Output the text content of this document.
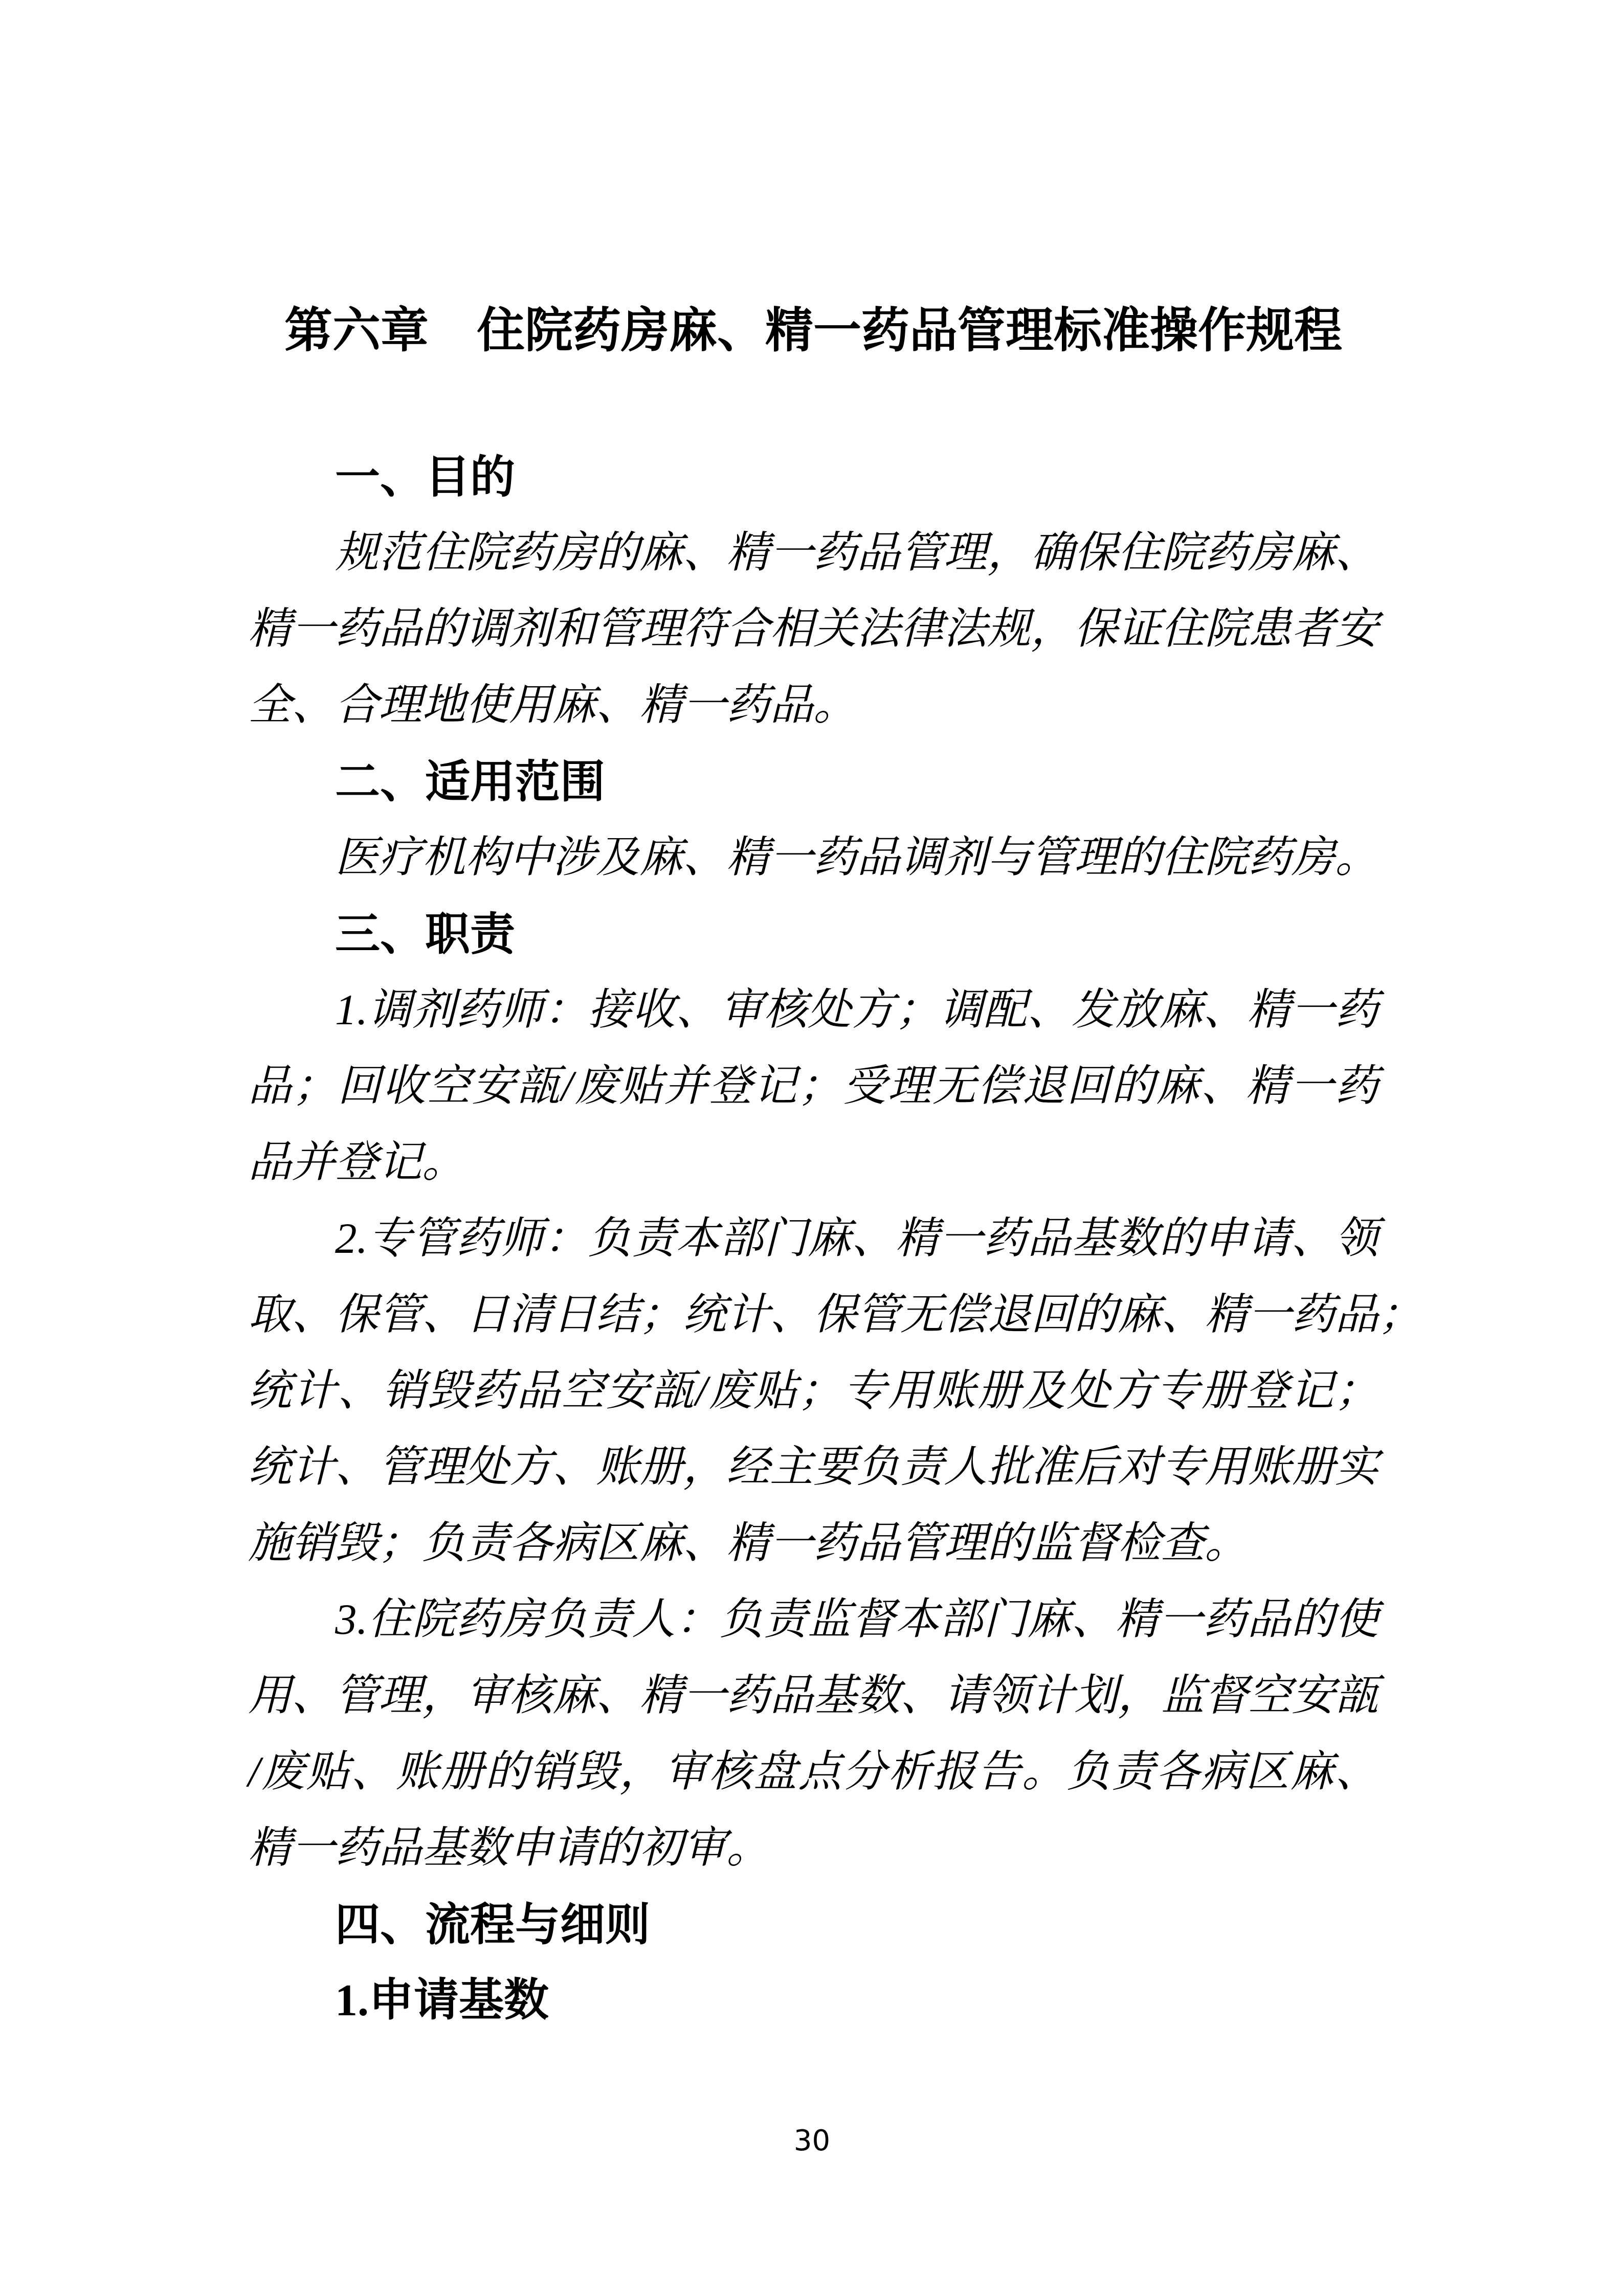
第六章　住院药房麻、精一药品管理标准操作规程
一、目的
规范住院药房的麻、精一药品管理，确保住院药房麻、
精一药品的调剂和管理符合相关法律法规，保证住院患者安
全、合理地使用麻、精一药品。
二、适用范围
医疗机构中涉及麻、精一药品调剂与管理的住院药房。
三、职责
1.调剂药师：接收、审核处方；调配、发放麻、精一药
品；回收空安瓿/废贴并登记；受理无偿退回的麻、精一药
品并登记。
2.专管药师：负责本部门麻、精一药品基数的申请、领
取、保管、日清日结；统计、保管无偿退回的麻、精一药品；
统计、销毁药品空安瓿/废贴；专用账册及处方专册登记；
统计、管理处方、账册，经主要负责人批准后对专用账册实
施销毁；负责各病区麻、精一药品管理的监督检查。
3.住院药房负责人：负责监督本部门麻、精一药品的使
用、管理，审核麻、精一药品基数、请领计划，监督空安瓿
/废贴、账册的销毁，审核盘点分析报告。负责各病区麻、
精一药品基数申请的初审。
四、流程与细则
1.申请基数
30
